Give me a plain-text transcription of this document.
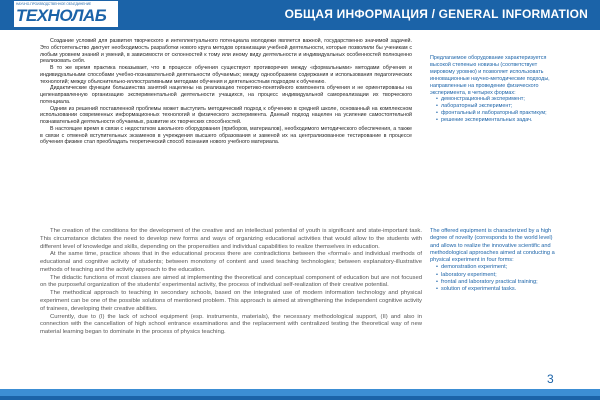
НАУЧНО-ПРОИЗВОДСТВЕННОЕ ОБЪЕДИНЕНИЕ
ТЕХНОЛАБ	ОБЩАЯ ИНФОРМАЦИЯ / GENERAL INFORMATION

Создание условий для развития творческого и интеллектуального потенциала молодежи является важной, государственно значимой задачей. Это обстоятельство диктует необходимость разработки нового круга методов организации учебной деятельности, которые позволили бы ученикам с любым уровнем знаний и умений, в зависимости от склонностей к тому или иному виду деятельности и индивидуальных особенностей полноценно реализовать себя.

В то же время практика показывает, что в процессе обучения существуют противоречия между «формальными» методами обучения и индивидуальными способами учебно-познавательной деятельности обучаемых; между однообразием содержания и использования педагогических технологий; между объяснительно-иллюстративными методами обучения и деятельностным подходом к обучению.

Дидактические функции большинства занятий нацелены на реализацию теоретико-понятийного компонента обучения и не ориентированы на целенаправленную организацию экспериментальной деятельности учащихся, на процесс индивидуальной самореализации их творческого потенциала.

Одним из решений поставленной проблемы может выступить методический подход к обучению в средней школе, основанный на комплексном использовании современных информационных технологий и физического эксперимента. Данный подход нацелен на усиление самостоятельной познавательной деятельности обучаемых, развитие их творческих способностей.

В настоящее время в связи с недостатком школьного оборудования (приборов, материалов), необходимого методического обеспечения, а также в связи с отменой вступительных экзаменов в учреждения высшего образования и заменой их на централизованное тестирование в процессе обучения физике стал преобладать теоретический способ познания нового учебного материала.

Предлагаемое оборудование характеризуется высокой степенью новизны (соответствует мировому уровню) и позволяет использовать инновационные научно-методические подходы, направленные на проведение физического эксперимента, в четырех формах:
• демонстрационный эксперимент;
• лабораторный эксперимент;
• фронтальный и лабораторный практикум;
• решение экспериментальных задач.

The creation of the conditions for the development of the creative and an intellectual potential of youth is significant and state-important task. This circumstance dictates the need to develop new forms and ways of organizing educational activities that would allow to the students with different level of knowledge and skills, depending on the propensities and individual capabilities to realize themselves in education.

At the same time, practice shows that in the educational process there are contradictions between the «formal» and individual methods of educational and cognitive activity of students; between monotony of content and used teaching technologies; between explanatory-illustrative methods of teaching and the activity approach to the education.

The didactic functions of most classes are aimed at implementing the theoretical and conceptual component of education but are not focused on the purposeful organization of the students' experimental activity, the process of individual self-realization of their creative potential.

The methodical approach to teaching in secondary schools, based on the integrated use of modern information technology and physical experiment can be one of the possible solutions of mentioned problem. This approach is aimed at strengthening the independent cognitive activity of trainees, developing their creative abilities.

Currently, due to (I) the lack of school equipment (esp. instruments, materials), the necessary methodological support, (II) and also in connection with the cancellation of high school entrance examinations and the replacement with centralized testing the theoretical way of new material learning began to dominate in the process of physics teaching.

The offered equipment is characterized by a high degree of novelty (corresponds to the world level) and allows to realize the innovative scientific and methodological approaches aimed at conducting a physical experiment in four forms:
• demonstration experiment;
• laboratory experiment;
• frontal and laboratory practical training;
• solution of experimental tasks.
3
